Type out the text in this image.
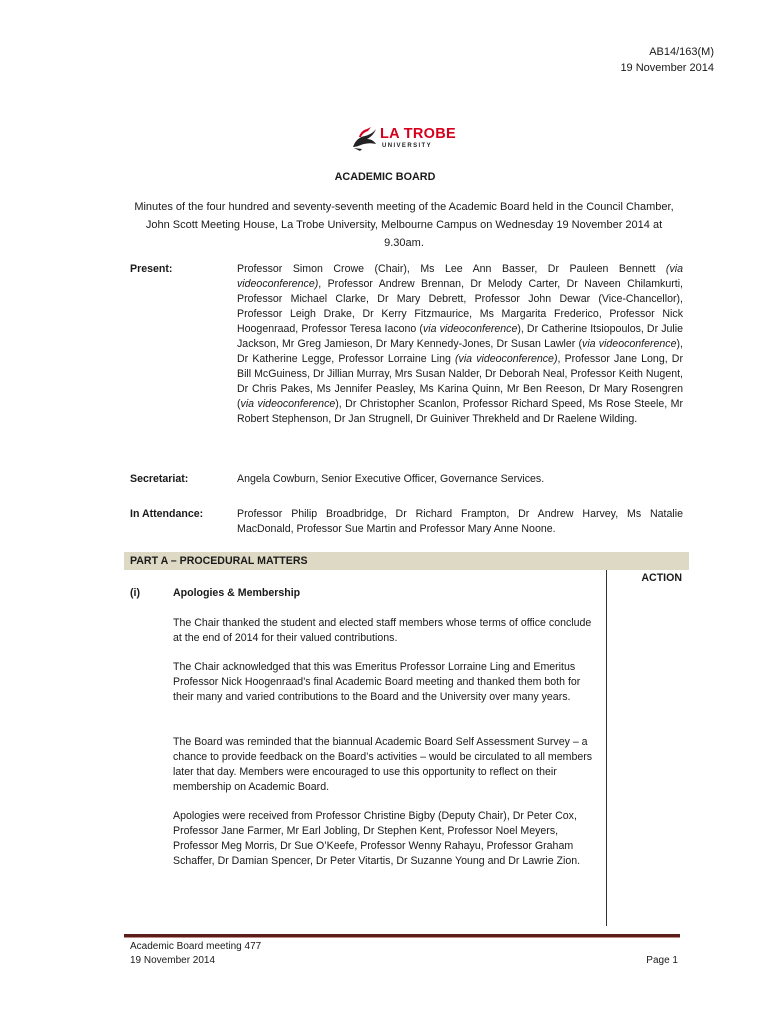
AB14/163(M)
19 November 2014
LA TROBE
UNIVERSITY
ACADEMIC BOARD
Minutes of the four hundred and seventy-seventh meeting of the Academic Board held in the Council Chamber, John Scott Meeting House, La Trobe University, Melbourne Campus on Wednesday 19 November 2014 at 9.30am.
Present:	Professor Simon Crowe (Chair), Ms Lee Ann Basser, Dr Pauleen Bennett (via videoconference), Professor Andrew Brennan, Dr Melody Carter, Dr Naveen Chilamkurti, Professor Michael Clarke, Dr Mary Debrett, Professor John Dewar (Vice-Chancellor), Professor Leigh Drake, Dr Kerry Fitzmaurice, Ms Margarita Frederico, Professor Nick Hoogenraad, Professor Teresa Iacono (via videoconference), Dr Catherine Itsiopoulos, Dr Julie Jackson, Mr Greg Jamieson, Dr Mary Kennedy-Jones, Dr Susan Lawler (via videoconference), Dr Katherine Legge, Professor Lorraine Ling (via videoconference), Professor Jane Long, Dr Bill McGuiness, Dr Jillian Murray, Mrs Susan Nalder, Dr Deborah Neal, Professor Keith Nugent, Dr Chris Pakes, Ms Jennifer Peasley, Ms Karina Quinn, Mr Ben Reeson, Dr Mary Rosengren (via videoconference), Dr Christopher Scanlon, Professor Richard Speed, Ms Rose Steele, Mr Robert Stephenson, Dr Jan Strugnell, Dr Guiniver Threkheld and Dr Raelene Wilding.
Secretariat:	Angela Cowburn, Senior Executive Officer, Governance Services.
In Attendance:	Professor Philip Broadbridge, Dr Richard Frampton, Dr Andrew Harvey, Ms Natalie MacDonald, Professor Sue Martin and Professor Mary Anne Noone.
PART A – PROCEDURAL MATTERS
ACTION
(i)	Apologies & Membership
The Chair thanked the student and elected staff members whose terms of office conclude at the end of 2014 for their valued contributions.
The Chair acknowledged that this was Emeritus Professor Lorraine Ling and Emeritus Professor Nick Hoogenraad’s final Academic Board meeting and thanked them both for their many and varied contributions to the Board and the University over many years.
The Board was reminded that the biannual Academic Board Self Assessment Survey – a chance to provide feedback on the Board’s activities – would be circulated to all members later that day. Members were encouraged to use this opportunity to reflect on their membership on Academic Board.
Apologies were received from Professor Christine Bigby (Deputy Chair), Dr Peter Cox, Professor Jane Farmer, Mr Earl Jobling, Dr Stephen Kent, Professor Noel Meyers, Professor Meg Morris, Dr Sue O’Keefe, Professor Wenny Rahayu, Professor Graham Schaffer, Dr Damian Spencer, Dr Peter Vitartis, Dr Suzanne Young and Dr Lawrie Zion.
Academic Board meeting 477
19 November 2014	Page 1
